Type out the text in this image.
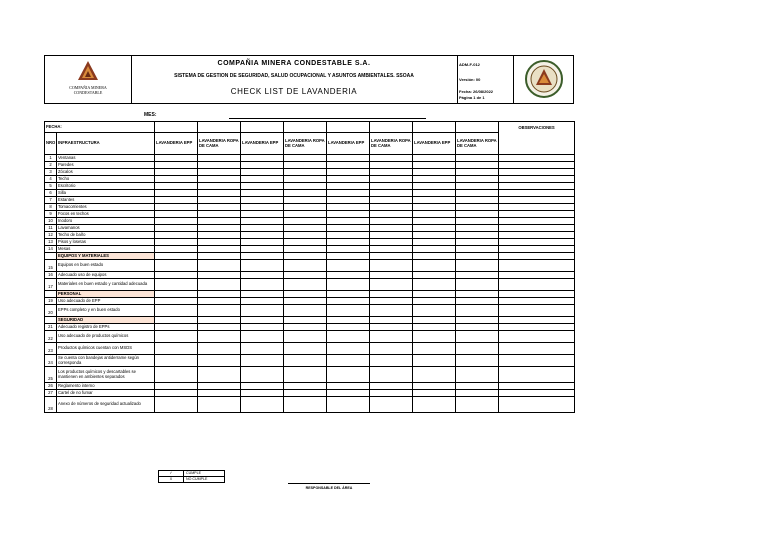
COMPAÑIA MINERA
CONDESTABLE
COMPAÑIA MINERA CONDESTABLE S.A.
SISTEMA DE GESTION DE SEGURIDAD, SALUD OCUPACIONAL Y ASUNTOS AMBIENTALES. SSOAA
CHECK LIST DE LAVANDERIA
ADM-F-012
Versión: 00
Fecha: 26/08/2022
Página 1 de 1
MES:
FECHA:										OBSERVACIONES
NRO	INFRAESTRUCTURA	LAVANDERIA EPP	LAVANDERIA ROPA DE CAMA	LAVANDERIA EPP	LAVANDERIA ROPA DE CAMA	LAVANDERIA EPP	LAVANDERIA ROPA DE CAMA	LAVANDERIA EPP	LAVANDERIA ROPA DE CAMA	
1	Ventanas									
2	Paredes									
3	Zócalos									
4	Techo									
5	Escritorio									
6	Silla									
7	Estantes									
8	Tomacorrientes									
9	Focos en techos									
10	Inodoro									
11	Lavamanos									
12	Techo de baño									
13	Pisos y losetas									
14	Mesas									
	EQUIPOS Y MATERIALES									
15	Equipos en buen estado									
16	Adecuado uso de equipos									
17	Materiales en buen estado y cantidad adecuada									
	PERSONAL									
19	Uso adecuado de EPP									
20	EPPs completo y en buen estado									
	SEGURIDAD									
21	Adecuado registro de EPPs									
22	Uso adecuado de productos químicos									
23	Productos químicos cuentan con MSDS									
24	Se cuenta con bandejas antiderrame según corresponda									
25	Los productos químicos y descartables se mantienen en ambientes separados									
26	Reglamento interno									
27	Cartel de no fumar									
28	Anexo de números de seguridad actualizado									
✓	CUMPLE
X	NO CUMPLE
RESPONSABLE DEL ÁREA
